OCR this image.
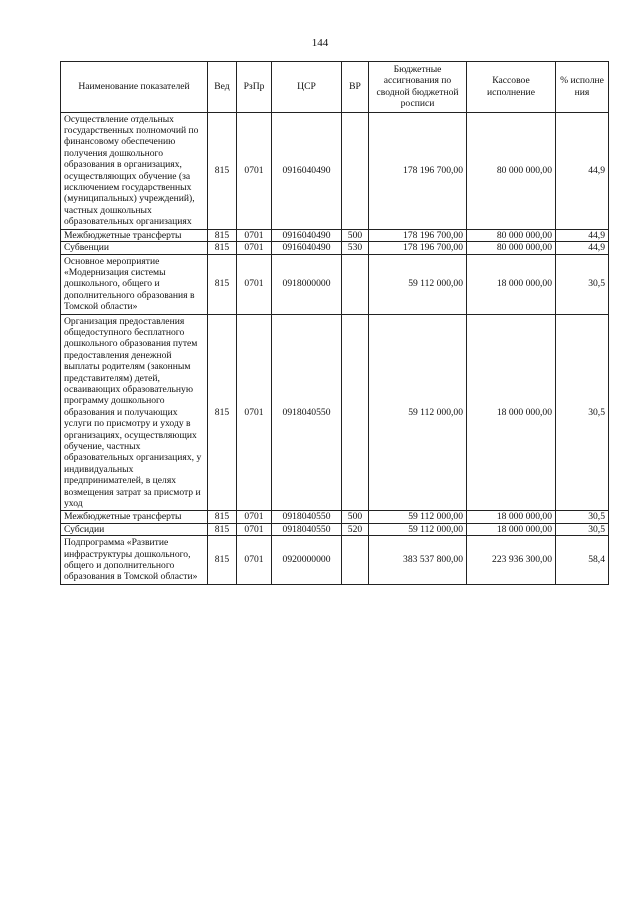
144
Наименование показателей	Вед	РзПр	ЦСР	ВР	Бюджетные ассигнования по сводной бюджетной росписи	Кассовое исполнение	% исполне ния
Осуществление отдельных государственных полномочий по финансовому обеспечению получения дошкольного образования в организациях, осуществляющих обучение (за исключением государственных (муниципальных) учреждений), частных дошкольных образовательных организациях	815	0701	0916040490		178 196 700,00	80 000 000,00	44,9
Межбюджетные трансферты	815	0701	0916040490	500	178 196 700,00	80 000 000,00	44,9
Субвенции	815	0701	0916040490	530	178 196 700,00	80 000 000,00	44,9
Основное мероприятие «Модернизация системы дошкольного, общего и дополнительного образования в Томской области»	815	0701	0918000000		59 112 000,00	18 000 000,00	30,5
Организация предоставления общедоступного бесплатного дошкольного образования путем предоставления денежной выплаты родителям (законным представителям) детей, осваивающих образовательную программу дошкольного образования и получающих услуги по присмотру и уходу в организациях, осуществляющих обучение, частных образовательных организациях, у индивидуальных предпринимателей, в целях возмещения затрат за присмотр и уход	815	0701	0918040550		59 112 000,00	18 000 000,00	30,5
Межбюджетные трансферты	815	0701	0918040550	500	59 112 000,00	18 000 000,00	30,5
Субсидии	815	0701	0918040550	520	59 112 000,00	18 000 000,00	30,5
Подпрограмма «Развитие инфраструктуры дошкольного, общего и дополнительного образования в Томской области»	815	0701	0920000000		383 537 800,00	223 936 300,00	58,4
